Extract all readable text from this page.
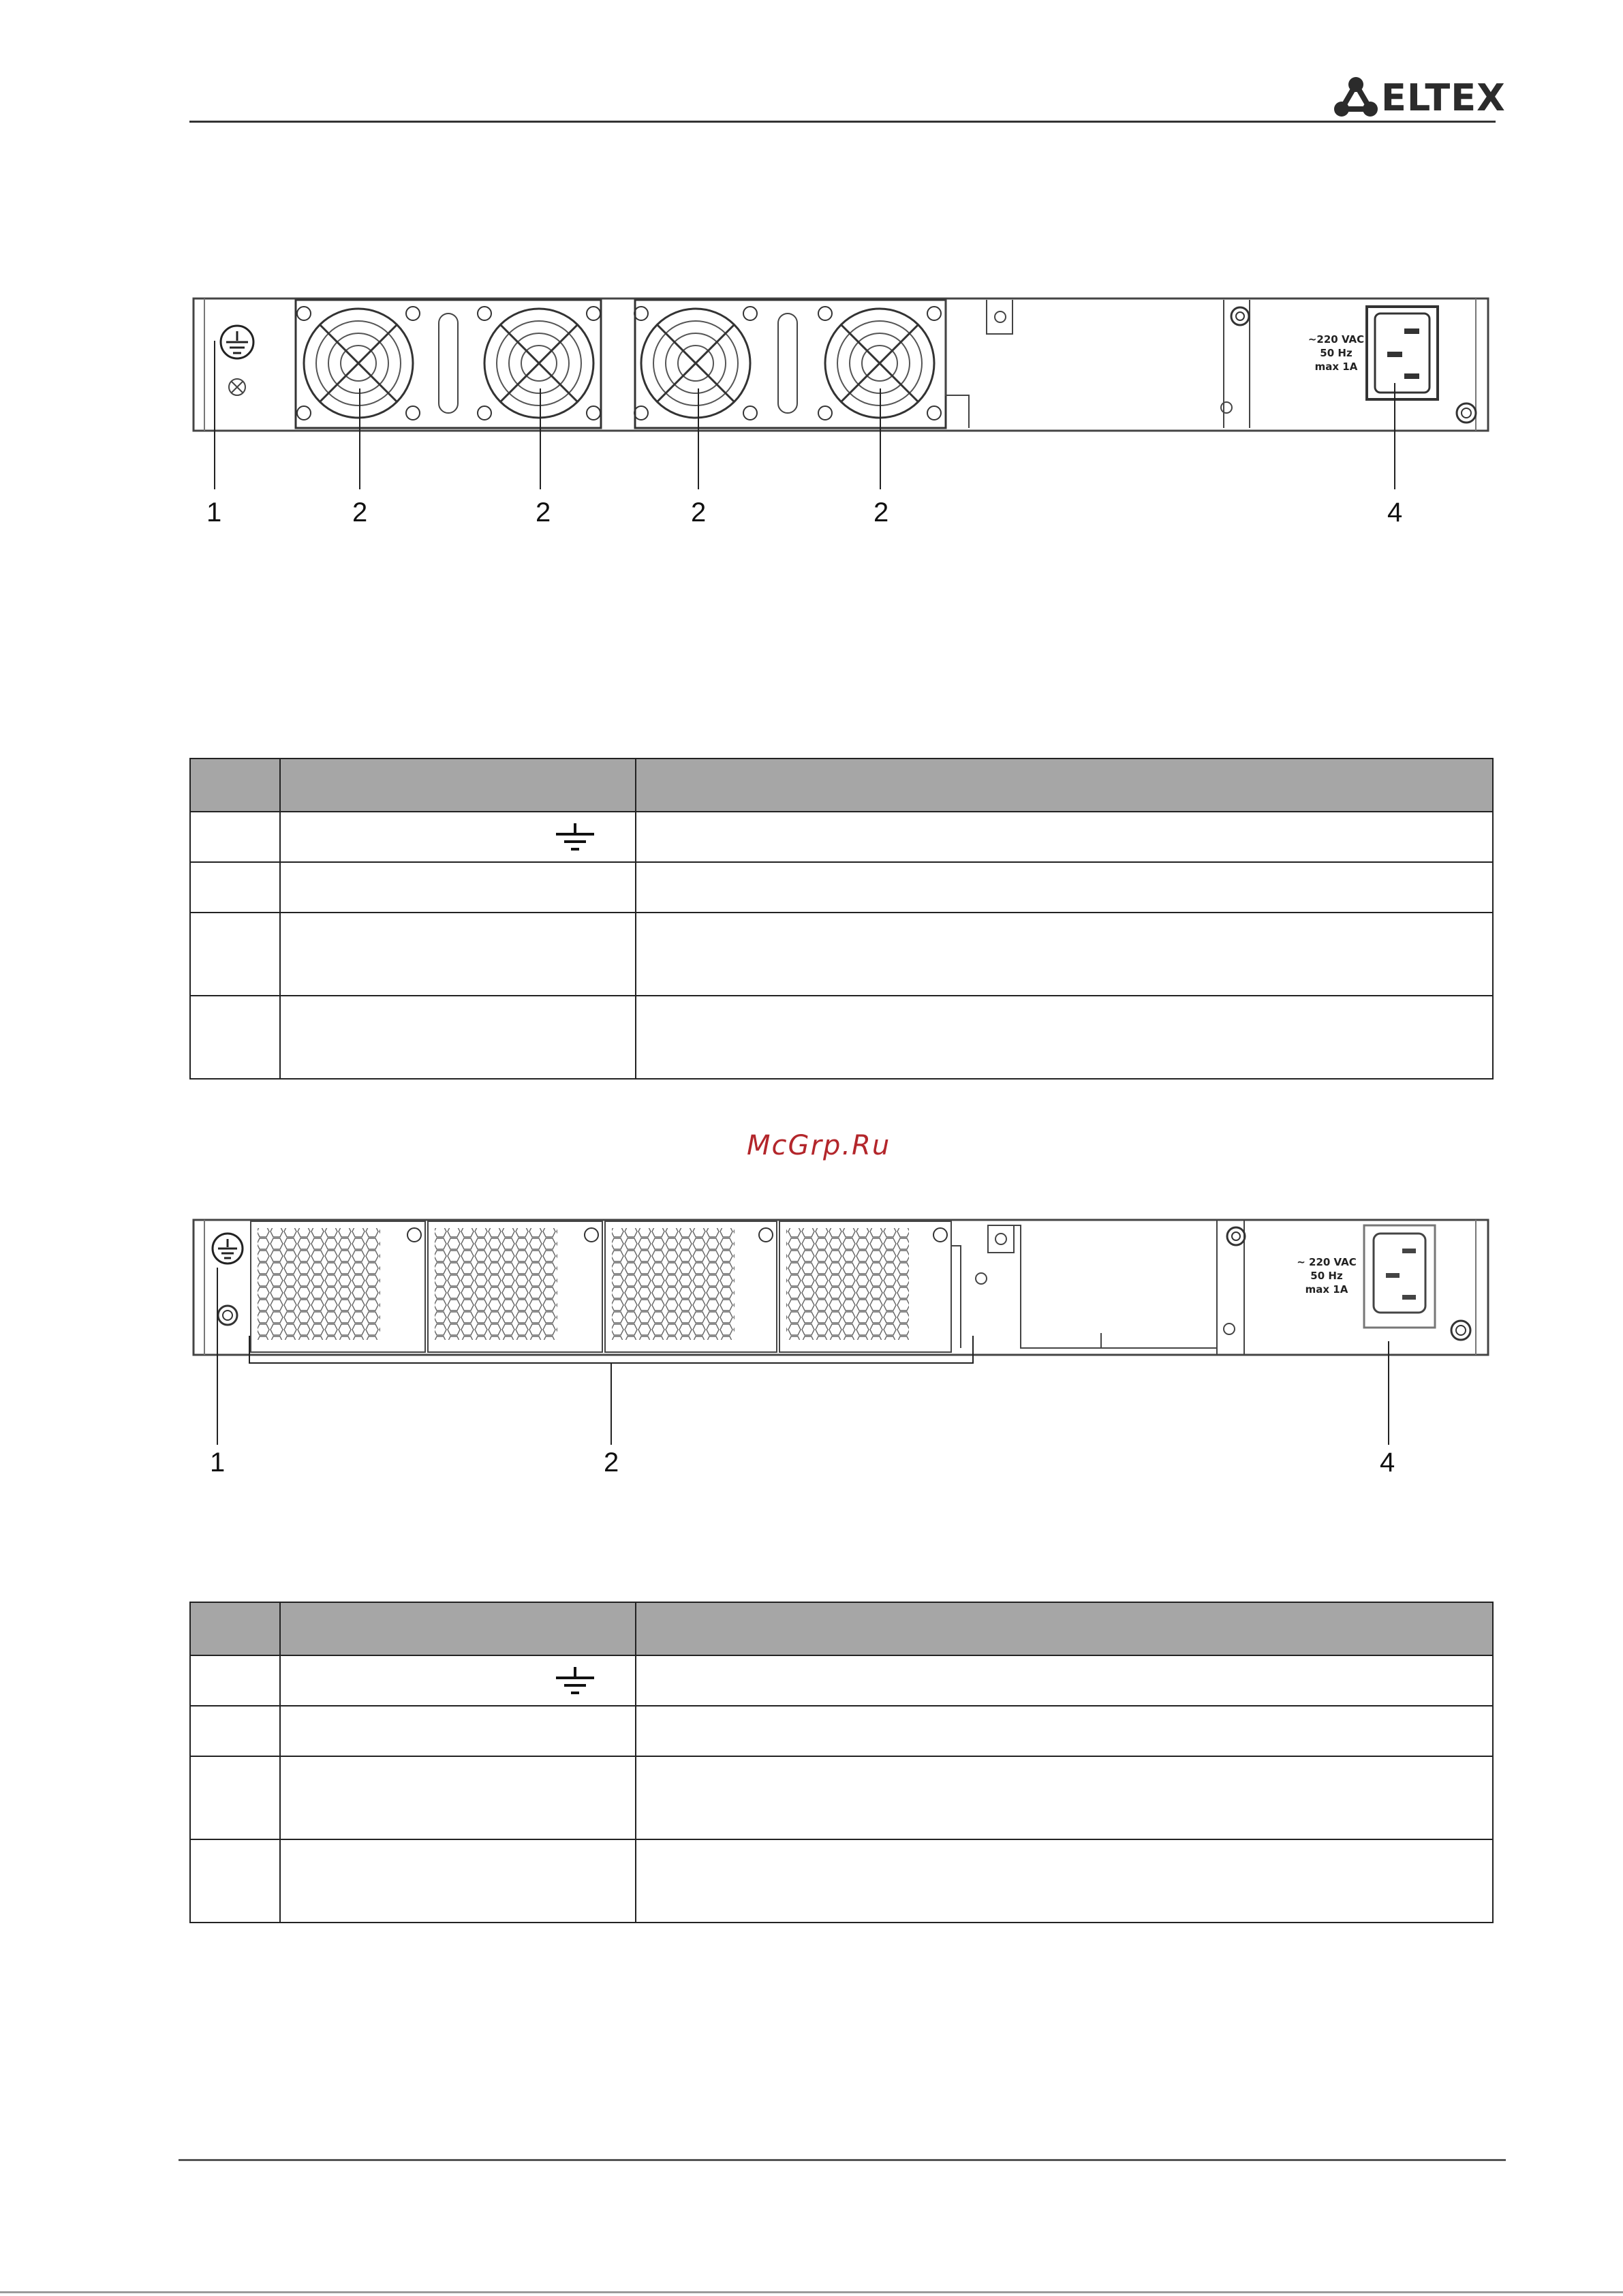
ELTEX
~220 VAC
50 Hz
max 1A
1	2	2	2	2	4

McGrp.Ru
~ 220 VAC
50 Hz
max 1A
1	2	4
